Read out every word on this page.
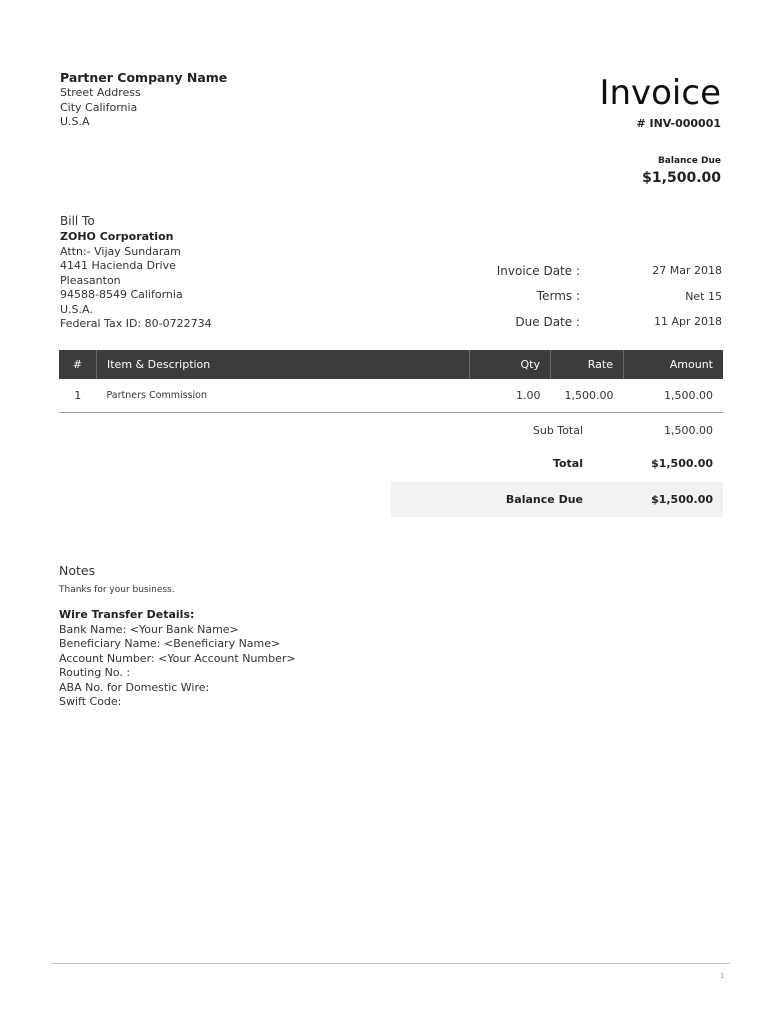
Partner Company Name
Street Address
City California
U.S.A
Invoice
# INV-000001
Balance Due
$1,500.00
Bill To
ZOHO Corporation
Attn:- Vijay Sundaram
4141 Hacienda Drive
Pleasanton
94588-8549 California
U.S.A.
Federal Tax ID: 80-0722734
Invoice Date :	27 Mar 2018
Terms :	Net 15
Due Date :	11 Apr 2018
#	Item & Description	Qty	Rate	Amount
1	Partners Commission	1.00	1,500.00	1,500.00
Sub Total	1,500.00
Total	$1,500.00
Balance Due	$1,500.00
Notes
Thanks for your business.
Wire Transfer Details:
Bank Name: <Your Bank Name>
Beneficiary Name: <Beneficiary Name>
Account Number: <Your Account Number>
Routing No. :
ABA No. for Domestic Wire:
Swift Code:
1
